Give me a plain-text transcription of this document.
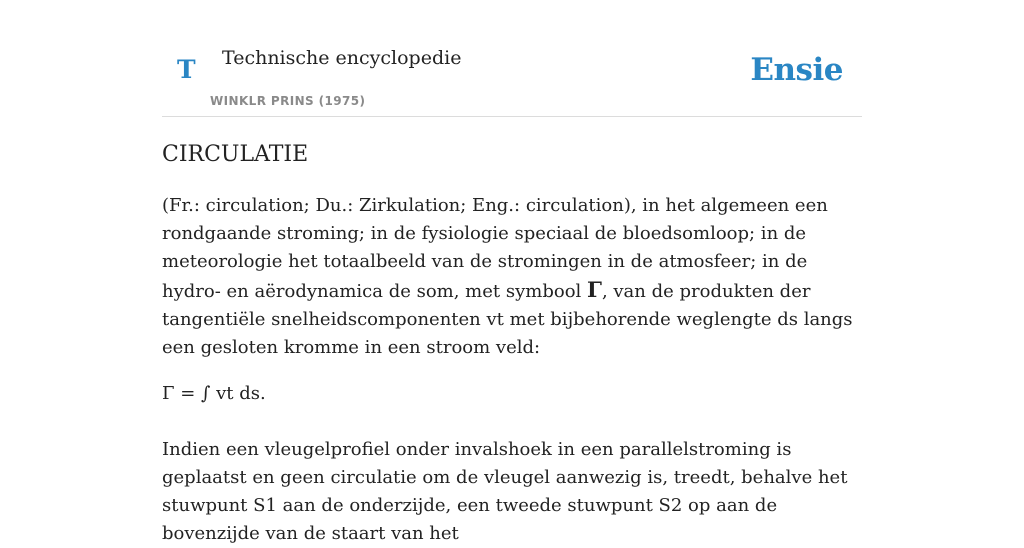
T Technische encyclopedie
WINKLR PRINS (1975)
Ensie
CIRCULATIE

(Fr.: circulation; Du.: Zirkulation; Eng.: circulation), in het algemeen een rondgaande stroming; in de fysiologie speciaal de bloedsomloop; in de meteorologie het totaalbeeld van de stromingen in de atmosfeer; in de hydro- en aërodynamica de som, met symbool Γ, van de produkten der tangentiële snelheidscomponenten vt met bijbehorende weglengte ds langs een gesloten kromme in een stroom veld:

Γ = ∫ vt ds.

Indien een vleugelprofiel onder invalshoek in een parallelstroming is geplaatst en geen circulatie om de vleugel aanwezig is, treedt, behalve het stuwpunt S1 aan de onderzijde, een tweede stuwpunt S2 op aan de bovenzijde van de staart van het
